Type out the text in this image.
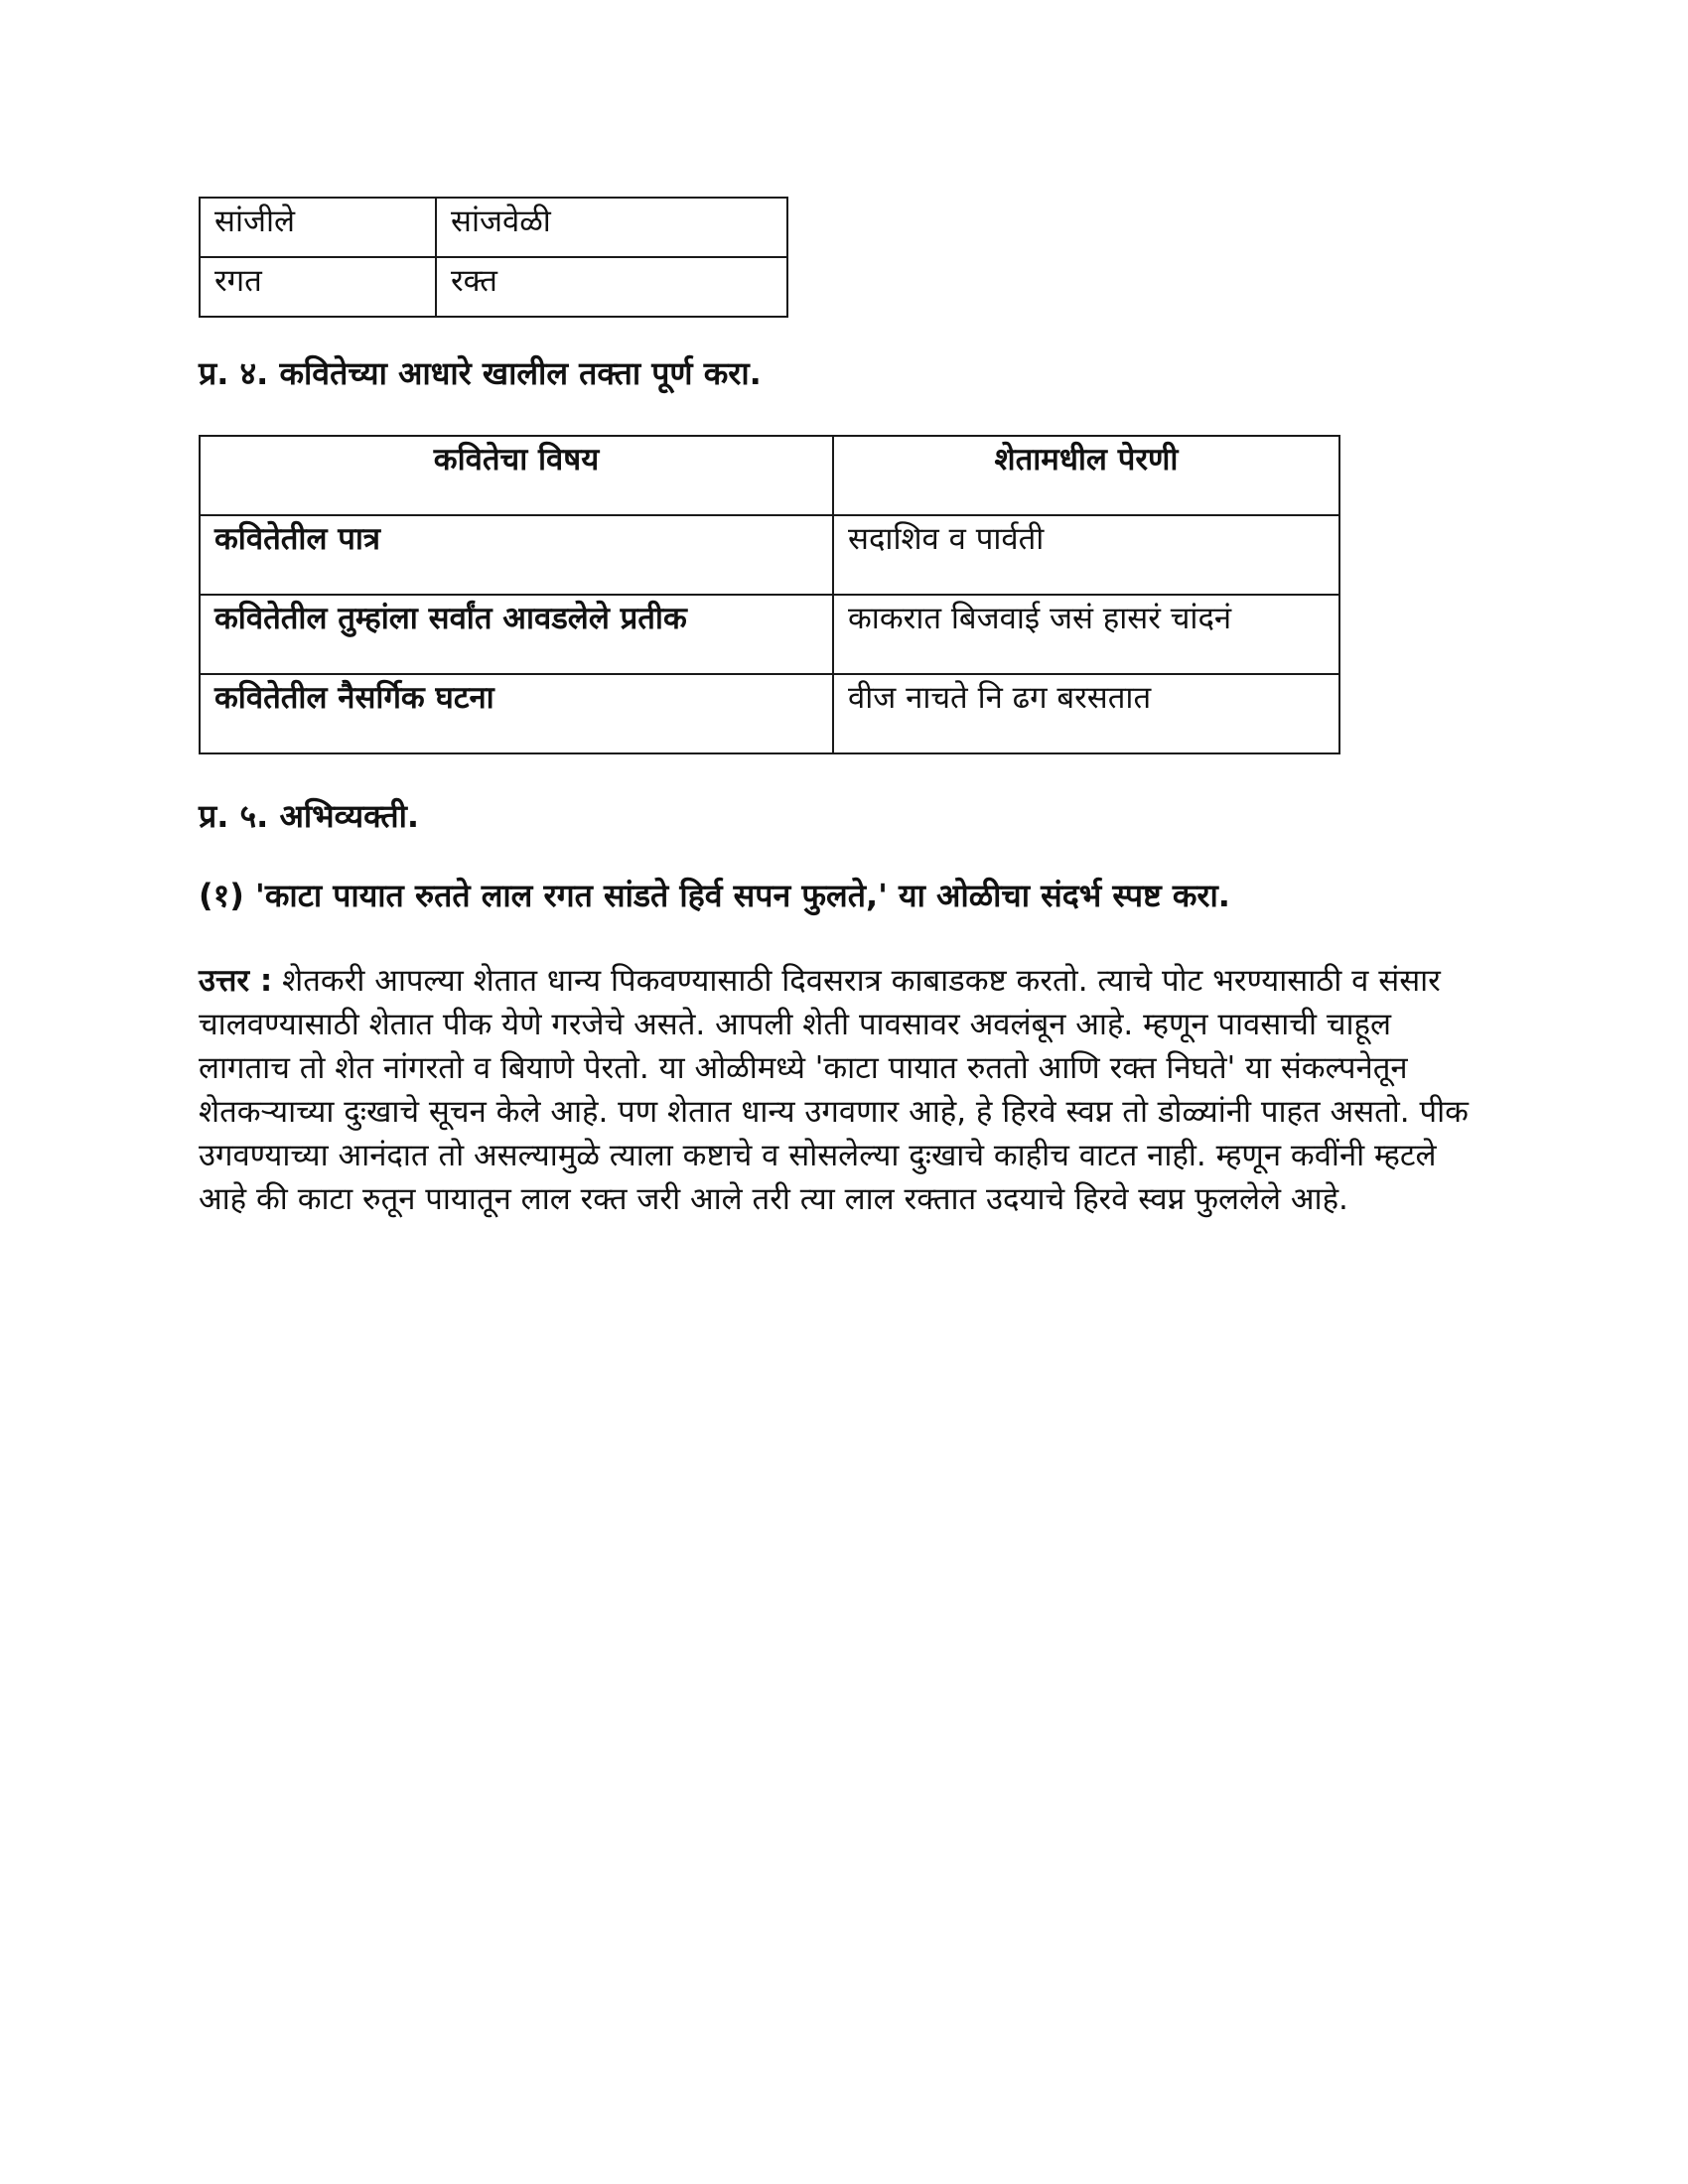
सांजीले	सांजवेळी
रगत	रक्त
प्र. ४. कवितेच्या आधारे खालील तक्ता पूर्ण करा.
कवितेचा विषय	शेतामधील पेरणी
कवितेतील पात्र	सदाशिव व पार्वती
कवितेतील तुम्हांला सर्वांत आवडलेले प्रतीक	काकरात बिजवाई जसं हासरं चांदनं
कवितेतील नैसर्गिक घटना	वीज नाचते नि ढग बरसतात
प्र. ५. अभिव्यक्ती.
(१) 'काटा पायात रुतते लाल रगत सांडते हिर्व सपन फुलते,' या ओळीचा संदर्भ स्पष्ट करा.
उत्तर : शेतकरी आपल्या शेतात धान्य पिकवण्यासाठी दिवसरात्र काबाडकष्ट करतो. त्याचे पोट भरण्यासाठी व संसार चालवण्यासाठी शेतात पीक येणे गरजेचे असते. आपली शेती पावसावर अवलंबून आहे. म्हणून पावसाची चाहूल लागताच तो शेत नांगरतो व बियाणे पेरतो. या ओळीमध्ये 'काटा पायात रुततो आणि रक्त निघते' या संकल्पनेतून शेतकऱ्याच्या दुःखाचे सूचन केले आहे. पण शेतात धान्य उगवणार आहे, हे हिरवे स्वप्न तो डोळ्यांनी पाहत असतो. पीक उगवण्याच्या आनंदात तो असल्यामुळे त्याला कष्टाचे व सोसलेल्या दुःखाचे काहीच वाटत नाही. म्हणून कवींनी म्हटले आहे की काटा रुतून पायातून लाल रक्त जरी आले तरी त्या लाल रक्तात उदयाचे हिरवे स्वप्न फुललेले आहे.
